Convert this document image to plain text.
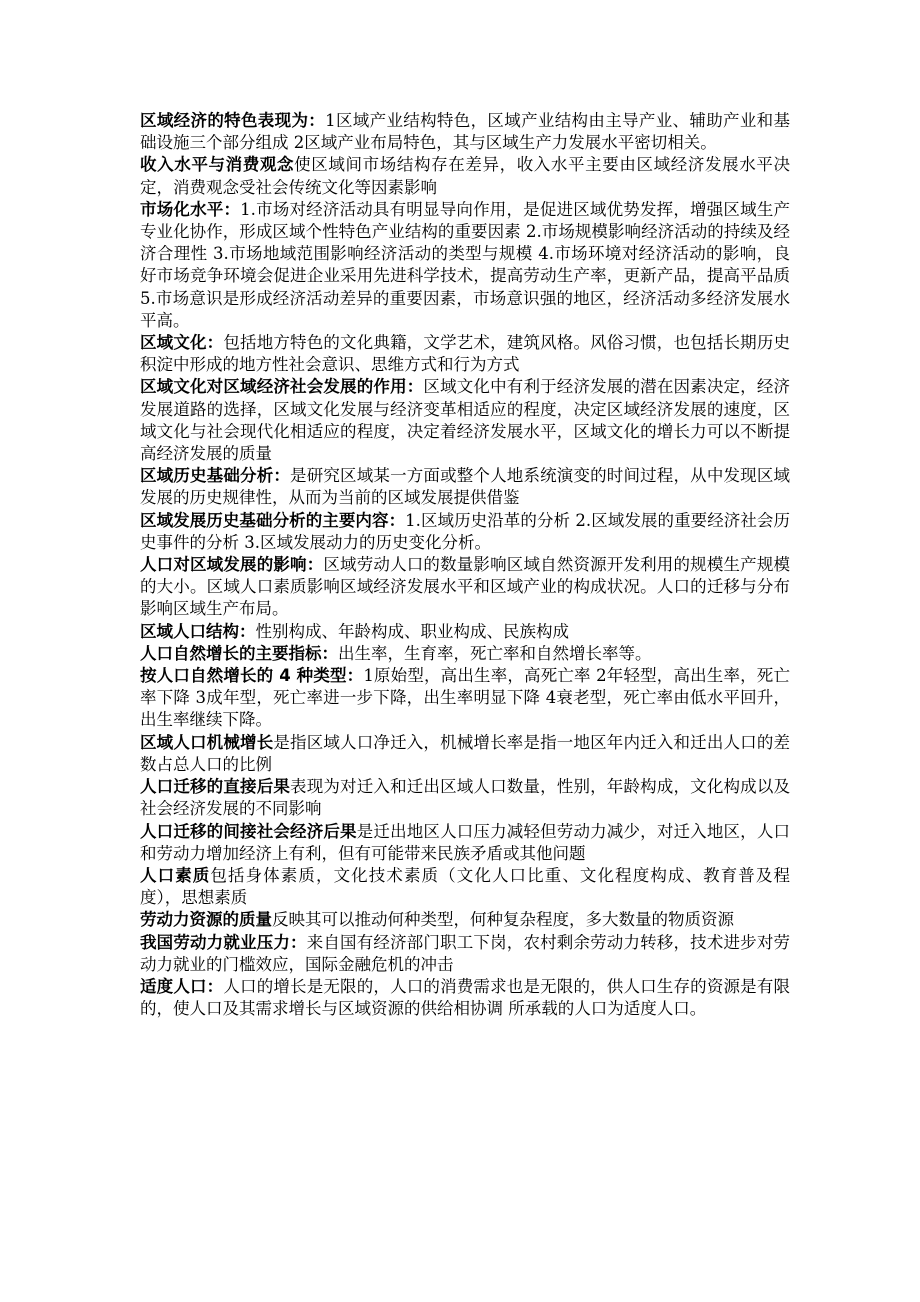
区域经济的特色表现为：1区域产业结构特色，区域产业结构由主导产业、辅助产业和基础设施三个部分组成 2区域产业布局特色，其与区域生产力发展水平密切相关。

收入水平与消费观念使区域间市场结构存在差异，收入水平主要由区域经济发展水平决定，消费观念受社会传统文化等因素影响

市场化水平：1.市场对经济活动具有明显导向作用，是促进区域优势发挥，增强区域生产专业化协作，形成区域个性特色产业结构的重要因素 2.市场规模影响经济活动的持续及经济合理性 3.市场地域范围影响经济活动的类型与规模 4.市场环境对经济活动的影响，良好市场竞争环境会促进企业采用先进科学技术，提高劳动生产率，更新产品，提高平品质 5.市场意识是形成经济活动差异的重要因素，市场意识强的地区，经济活动多经济发展水平高。

区域文化：包括地方特色的文化典籍，文学艺术，建筑风格。风俗习惯，也包括长期历史积淀中形成的地方性社会意识、思维方式和行为方式

区域文化对区域经济社会发展的作用：区域文化中有利于经济发展的潜在因素决定，经济发展道路的选择，区域文化发展与经济变革相适应的程度，决定区域经济发展的速度，区域文化与社会现代化相适应的程度，决定着经济发展水平，区域文化的增长力可以不断提高经济发展的质量

区域历史基础分析：是研究区域某一方面或整个人地系统演变的时间过程，从中发现区域发展的历史规律性，从而为当前的区域发展提供借鉴

区域发展历史基础分析的主要内容：1.区域历史沿革的分析 2.区域发展的重要经济社会历史事件的分析 3.区域发展动力的历史变化分析。

人口对区域发展的影响：区域劳动人口的数量影响区域自然资源开发利用的规模生产规模的大小。区域人口素质影响区域经济发展水平和区域产业的构成状况。人口的迁移与分布影响区域生产布局。

区域人口结构：性别构成、年龄构成、职业构成、民族构成

人口自然增长的主要指标：出生率，生育率，死亡率和自然增长率等。

按人口自然增长的 4 种类型：1原始型，高出生率，高死亡率 2年轻型，高出生率，死亡率下降 3成年型，死亡率进一步下降，出生率明显下降 4衰老型，死亡率由低水平回升，出生率继续下降。

区域人口机械增长是指区域人口净迁入，机械增长率是指一地区年内迁入和迁出人口的差数占总人口的比例

人口迁移的直接后果表现为对迁入和迁出区域人口数量，性别，年龄构成，文化构成以及社会经济发展的不同影响

人口迁移的间接社会经济后果是迁出地区人口压力减轻但劳动力减少，对迁入地区，人口和劳动力增加经济上有利，但有可能带来民族矛盾或其他问题

人口素质包括身体素质，文化技术素质（文化人口比重、文化程度构成、教育普及程度），思想素质

劳动力资源的质量反映其可以推动何种类型，何种复杂程度，多大数量的物质资源

我国劳动力就业压力：来自国有经济部门职工下岗，农村剩余劳动力转移，技术进步对劳动力就业的门槛效应，国际金融危机的冲击

适度人口：人口的增长是无限的，人口的消费需求也是无限的，供人口生存的资源是有限的，使人口及其需求增长与区域资源的供给相协调 所承载的人口为适度人口。
